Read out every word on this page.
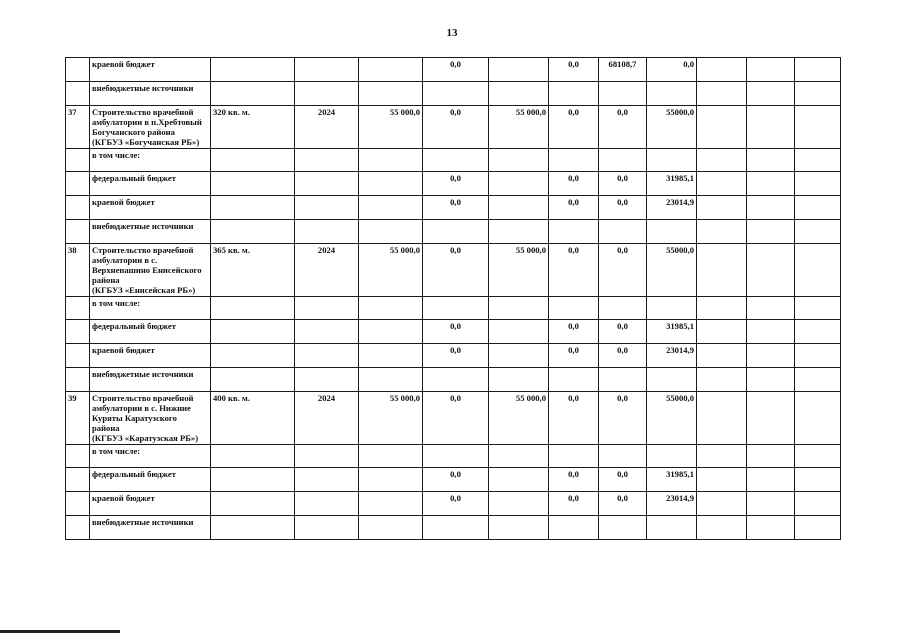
13
	краевой бюджет				0,0		0,0	68108,7	0,0			
	внебюджетные источники											
37	Строительство врачебной
амбулатории в п.Хребтовый
Богучанского района
(КГБУЗ «Богучанская РБ»)	320 кв. м.	2024	55 000,0	0,0	55 000,0	0,0	0,0	55000,0			
	в том числе:											
	федеральный бюджет				0,0		0,0	0,0	31985,1			
	краевой бюджет				0,0		0,0	0,0	23014,9			
	внебюджетные источники											
38	Строительство врачебной
амбулатории в с.
Верхнепашино Енисейского
района
(КГБУЗ «Енисейская РБ»)	365 кв. м.	2024	55 000,0	0,0	55 000,0	0,0	0,0	55000,0			
	в том числе:											
	федеральный бюджет				0,0		0,0	0,0	31985,1			
	краевой бюджет				0,0		0,0	0,0	23014,9			
	внебюджетные источники											
39	Строительство врачебной
амбулатории в с. Нижние
Куряты Каратузского
района
(КГБУЗ «Каратузская РБ»)	400 кв. м.	2024	55 000,0	0,0	55 000,0	0,0	0,0	55000,0			
	в том числе:											
	федеральный бюджет				0,0		0,0	0,0	31985,1			
	краевой бюджет				0,0		0,0	0,0	23014,9			
	внебюджетные источники											
